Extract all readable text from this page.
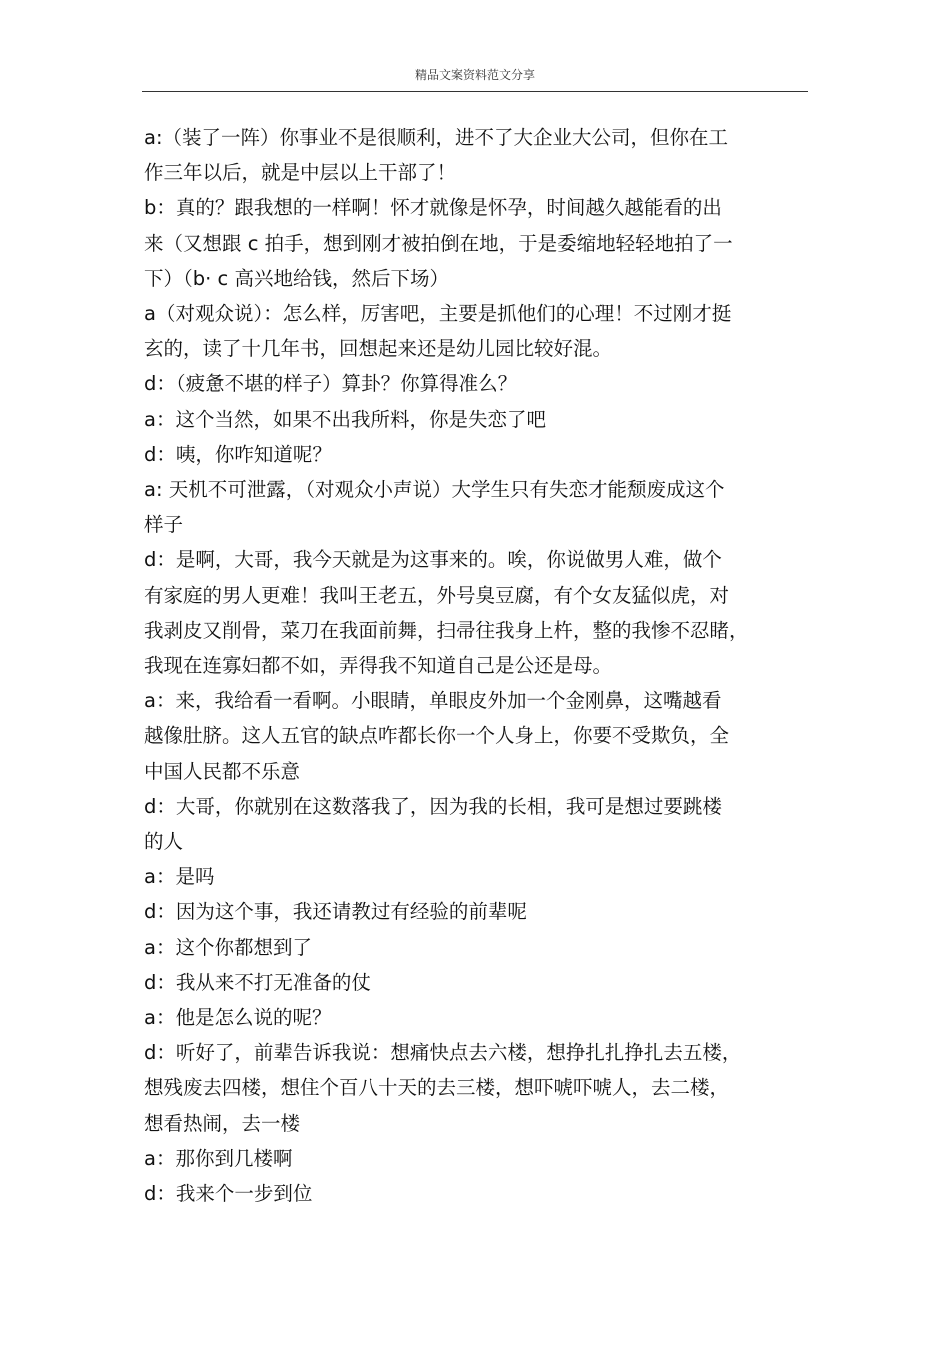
精品文案资料范文分享
a:（装了一阵）你事业不是很顺利，进不了大企业大公司，但你在工
作三年以后，就是中层以上干部了！
b：真的？跟我想的一样啊！怀才就像是怀孕，时间越久越能看的出
来（又想跟 c 拍手，想到刚才被拍倒在地，于是委缩地轻轻地拍了一
下）（b· c 高兴地给钱，然后下场）
a（对观众说）：怎么样，厉害吧，主要是抓他们的心理！不过刚才挺
玄的，读了十几年书，回想起来还是幼儿园比较好混。
d：（疲惫不堪的样子）算卦？你算得准么？
a：这个当然，如果不出我所料，你是失恋了吧
d：咦，你咋知道呢？
a: 天机不可泄露，（对观众小声说）大学生只有失恋才能颓废成这个
样子
d：是啊，大哥，我今天就是为这事来的。唉，你说做男人难，做个
有家庭的男人更难！我叫王老五，外号臭豆腐，有个女友猛似虎，对
我剥皮又削骨，菜刀在我面前舞，扫帚往我身上杵，整的我惨不忍睹，
我现在连寡妇都不如，弄得我不知道自己是公还是母。
a：来，我给看一看啊。小眼睛，单眼皮外加一个金刚鼻，这嘴越看
越像肚脐。这人五官的缺点咋都长你一个人身上，你要不受欺负，全
中国人民都不乐意
d：大哥，你就别在这数落我了，因为我的长相，我可是想过要跳楼
的人
a：是吗
d：因为这个事，我还请教过有经验的前辈呢
a：这个你都想到了
d：我从来不打无准备的仗
a：他是怎么说的呢？
d：听好了，前辈告诉我说：想痛快点去六楼，想挣扎扎挣扎去五楼，
想残废去四楼，想住个百八十天的去三楼，想吓唬吓唬人，去二楼，
想看热闹，去一楼
a：那你到几楼啊
d：我来个一步到位
